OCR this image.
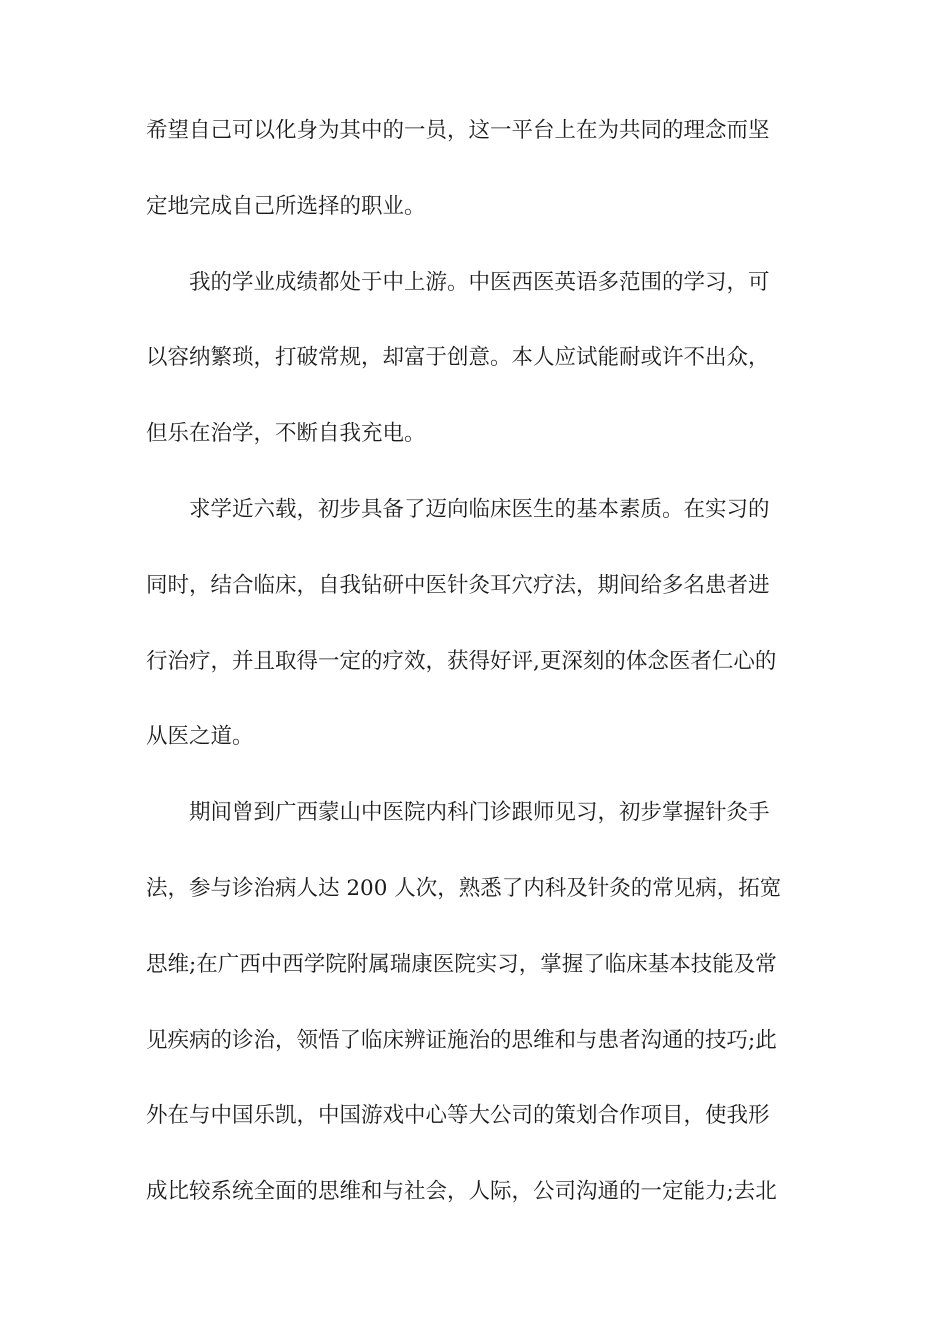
希望自己可以化身为其中的一员，这一平台上在为共同的理念而坚
定地完成自己所选择的职业。
我的学业成绩都处于中上游。中医西医英语多范围的学习，可
以容纳繁琐，打破常规，却富于创意。本人应试能耐或许不出众，
但乐在治学，不断自我充电。
求学近六载，初步具备了迈向临床医生的基本素质。在实习的
同时，结合临床，自我钻研中医针灸耳穴疗法，期间给多名患者进
行治疗，并且取得一定的疗效，获得好评,更深刻的体念医者仁心的
从医之道。
期间曾到广西蒙山中医院内科门诊跟师见习，初步掌握针灸手
法，参与诊治病人达 200 人次，熟悉了内科及针灸的常见病，拓宽
思维;在广西中西学院附属瑞康医院实习，掌握了临床基本技能及常
见疾病的诊治，领悟了临床辨证施治的思维和与患者沟通的技巧;此
外在与中国乐凯，中国游戏中心等大公司的策划合作项目，使我形
成比较系统全面的思维和与社会，人际，公司沟通的一定能力;去北
